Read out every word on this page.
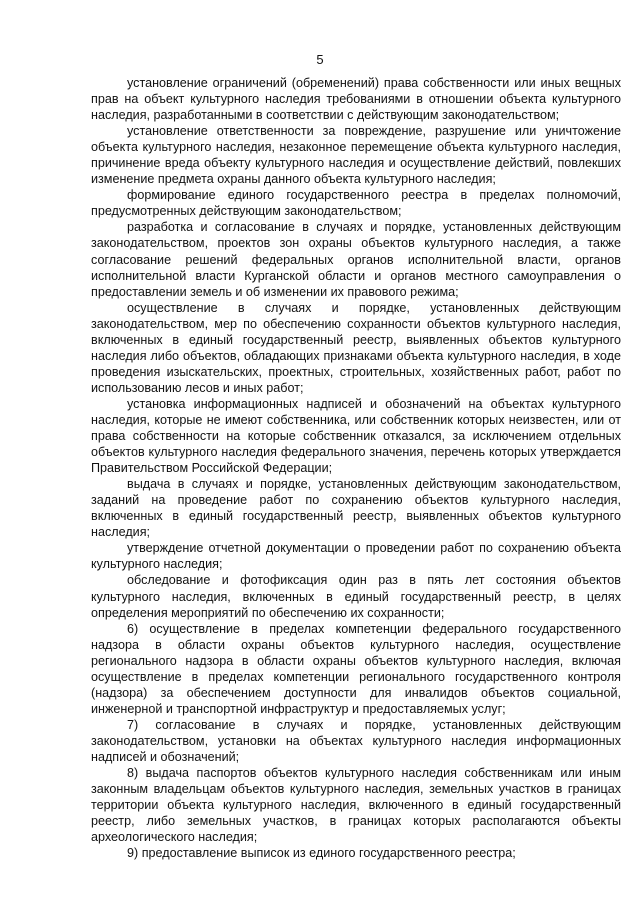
5

установление ограничений (обременений) права собственности или иных вещных прав на объект культурного наследия требованиями в отношении объекта культурного наследия, разработанными в соответствии с действующим законодательством;

установление ответственности за повреждение, разрушение или уничтожение объекта культурного наследия, незаконное перемещение объекта культурного наследия, причинение вреда объекту культурного наследия и осуществление действий, повлекших изменение предмета охраны данного объекта культурного наследия;

формирование единого государственного реестра в пределах полномочий, предусмотренных действующим законодательством;

разработка и согласование в случаях и порядке, установленных действующим законодательством, проектов зон охраны объектов культурного наследия, а также согласование решений федеральных органов исполнительной власти, органов исполнительной власти Курганской области и органов местного самоуправления о предоставлении земель и об изменении их правового режима;

осуществление в случаях и порядке, установленных действующим законодательством, мер по обеспечению сохранности объектов культурного наследия, включенных в единый государственный реестр, выявленных объектов культурного наследия либо объектов, обладающих признаками объекта культурного наследия, в ходе проведения изыскательских, проектных, строительных, хозяйственных работ, работ по использованию лесов и иных работ;

установка информационных надписей и обозначений на объектах культурного наследия, которые не имеют собственника, или собственник которых неизвестен, или от права собственности на которые собственник отказался, за исключением отдельных объектов культурного наследия федерального значения, перечень которых утверждается Правительством Российской Федерации;

выдача в случаях и порядке, установленных действующим законодательством, заданий на проведение работ по сохранению объектов культурного наследия, включенных в единый государственный реестр, выявленных объектов культурного наследия;

утверждение отчетной документации о проведении работ по сохранению объекта культурного наследия;

обследование и фотофиксация один раз в пять лет состояния объектов культурного наследия, включенных в единый государственный реестр, в целях определения мероприятий по обеспечению их сохранности;

6) осуществление в пределах компетенции федерального государственного надзора в области охраны объектов культурного наследия, осуществление регионального надзора в области охраны объектов культурного наследия, включая осуществление в пределах компетенции регионального государственного контроля (надзора) за обеспечением доступности для инвалидов объектов социальной, инженерной и транспортной инфраструктур и предоставляемых услуг;

7) согласование в случаях и порядке, установленных действующим законодательством, установки на объектах культурного наследия информационных надписей и обозначений;

8) выдача паспортов объектов культурного наследия собственникам или иным законным владельцам объектов культурного наследия, земельных участков в границах территории объекта культурного наследия, включенного в единый государственный реестр, либо земельных участков, в границах которых располагаются объекты археологического наследия;

9) предоставление выписок из единого государственного реестра;
